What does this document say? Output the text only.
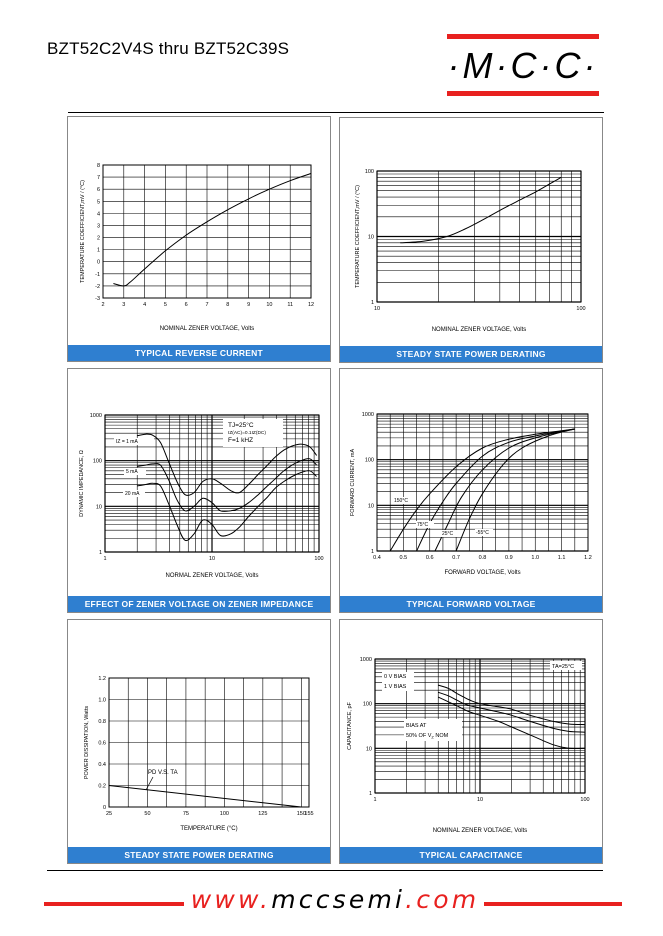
BZT52C2V4S thru BZT52C39S	·M·C·C·
2	3	4	5	6	7	8	9	10	11	12
-3
-2
-1
0
1
2
3
4
5
6
7
8
NOMINAL ZENER VOLTAGE, Volts
TEMPERATURE COEFFICIENT,mV / (°C)
TYPICAL REVERSE CURRENT
10	100
1
10
100
NOMINAL ZENER VOLTAGE, Volts
TEMPERATURE COEFFICIENT,mV / (°C)
STEADY STATE POWER DERATING
1	10	100
1
10
100
1000
NORMAL ZENER VOLTAGE, Volts
DYNAMIC IMPEDANCE, Ω
TJ=25°C
IZ(AC)=0.1IZ(DC)
F=1 kHZ
IZ = 1 mA
5 mA
20 mA
EFFECT OF ZENER VOLTAGE ON ZENER IMPEDANCE
0.4	0.5	0.6	0.7	0.8	0.9	1.0	1.1	1.2
1
10
100
1000
FORWARD VOLTAGE, Volts
FORWARD CURRENT, mA	150°C
75°C
25°C	-55°C
TYPICAL FORWARD VOLTAGE
25	50	75	100	125	150
155
0
0.2
0.4
0.6
0.8
1.0
1.2
TEMPERATURE (°C)
POWER DISSIPATION, Watts	PD V.S. TA
STEADY STATE POWER DERATING
1	10	100
1
10
100
1000
NOMINAL ZENER VOLTAGE, Volts
CAPACITANCE, pF
TA=25°C
0 V BIAS
1 V BIAS
BIAS AT
50% OF $V_Z$ NOM
TYPICAL CAPACITANCE
www.mccsemi.com
